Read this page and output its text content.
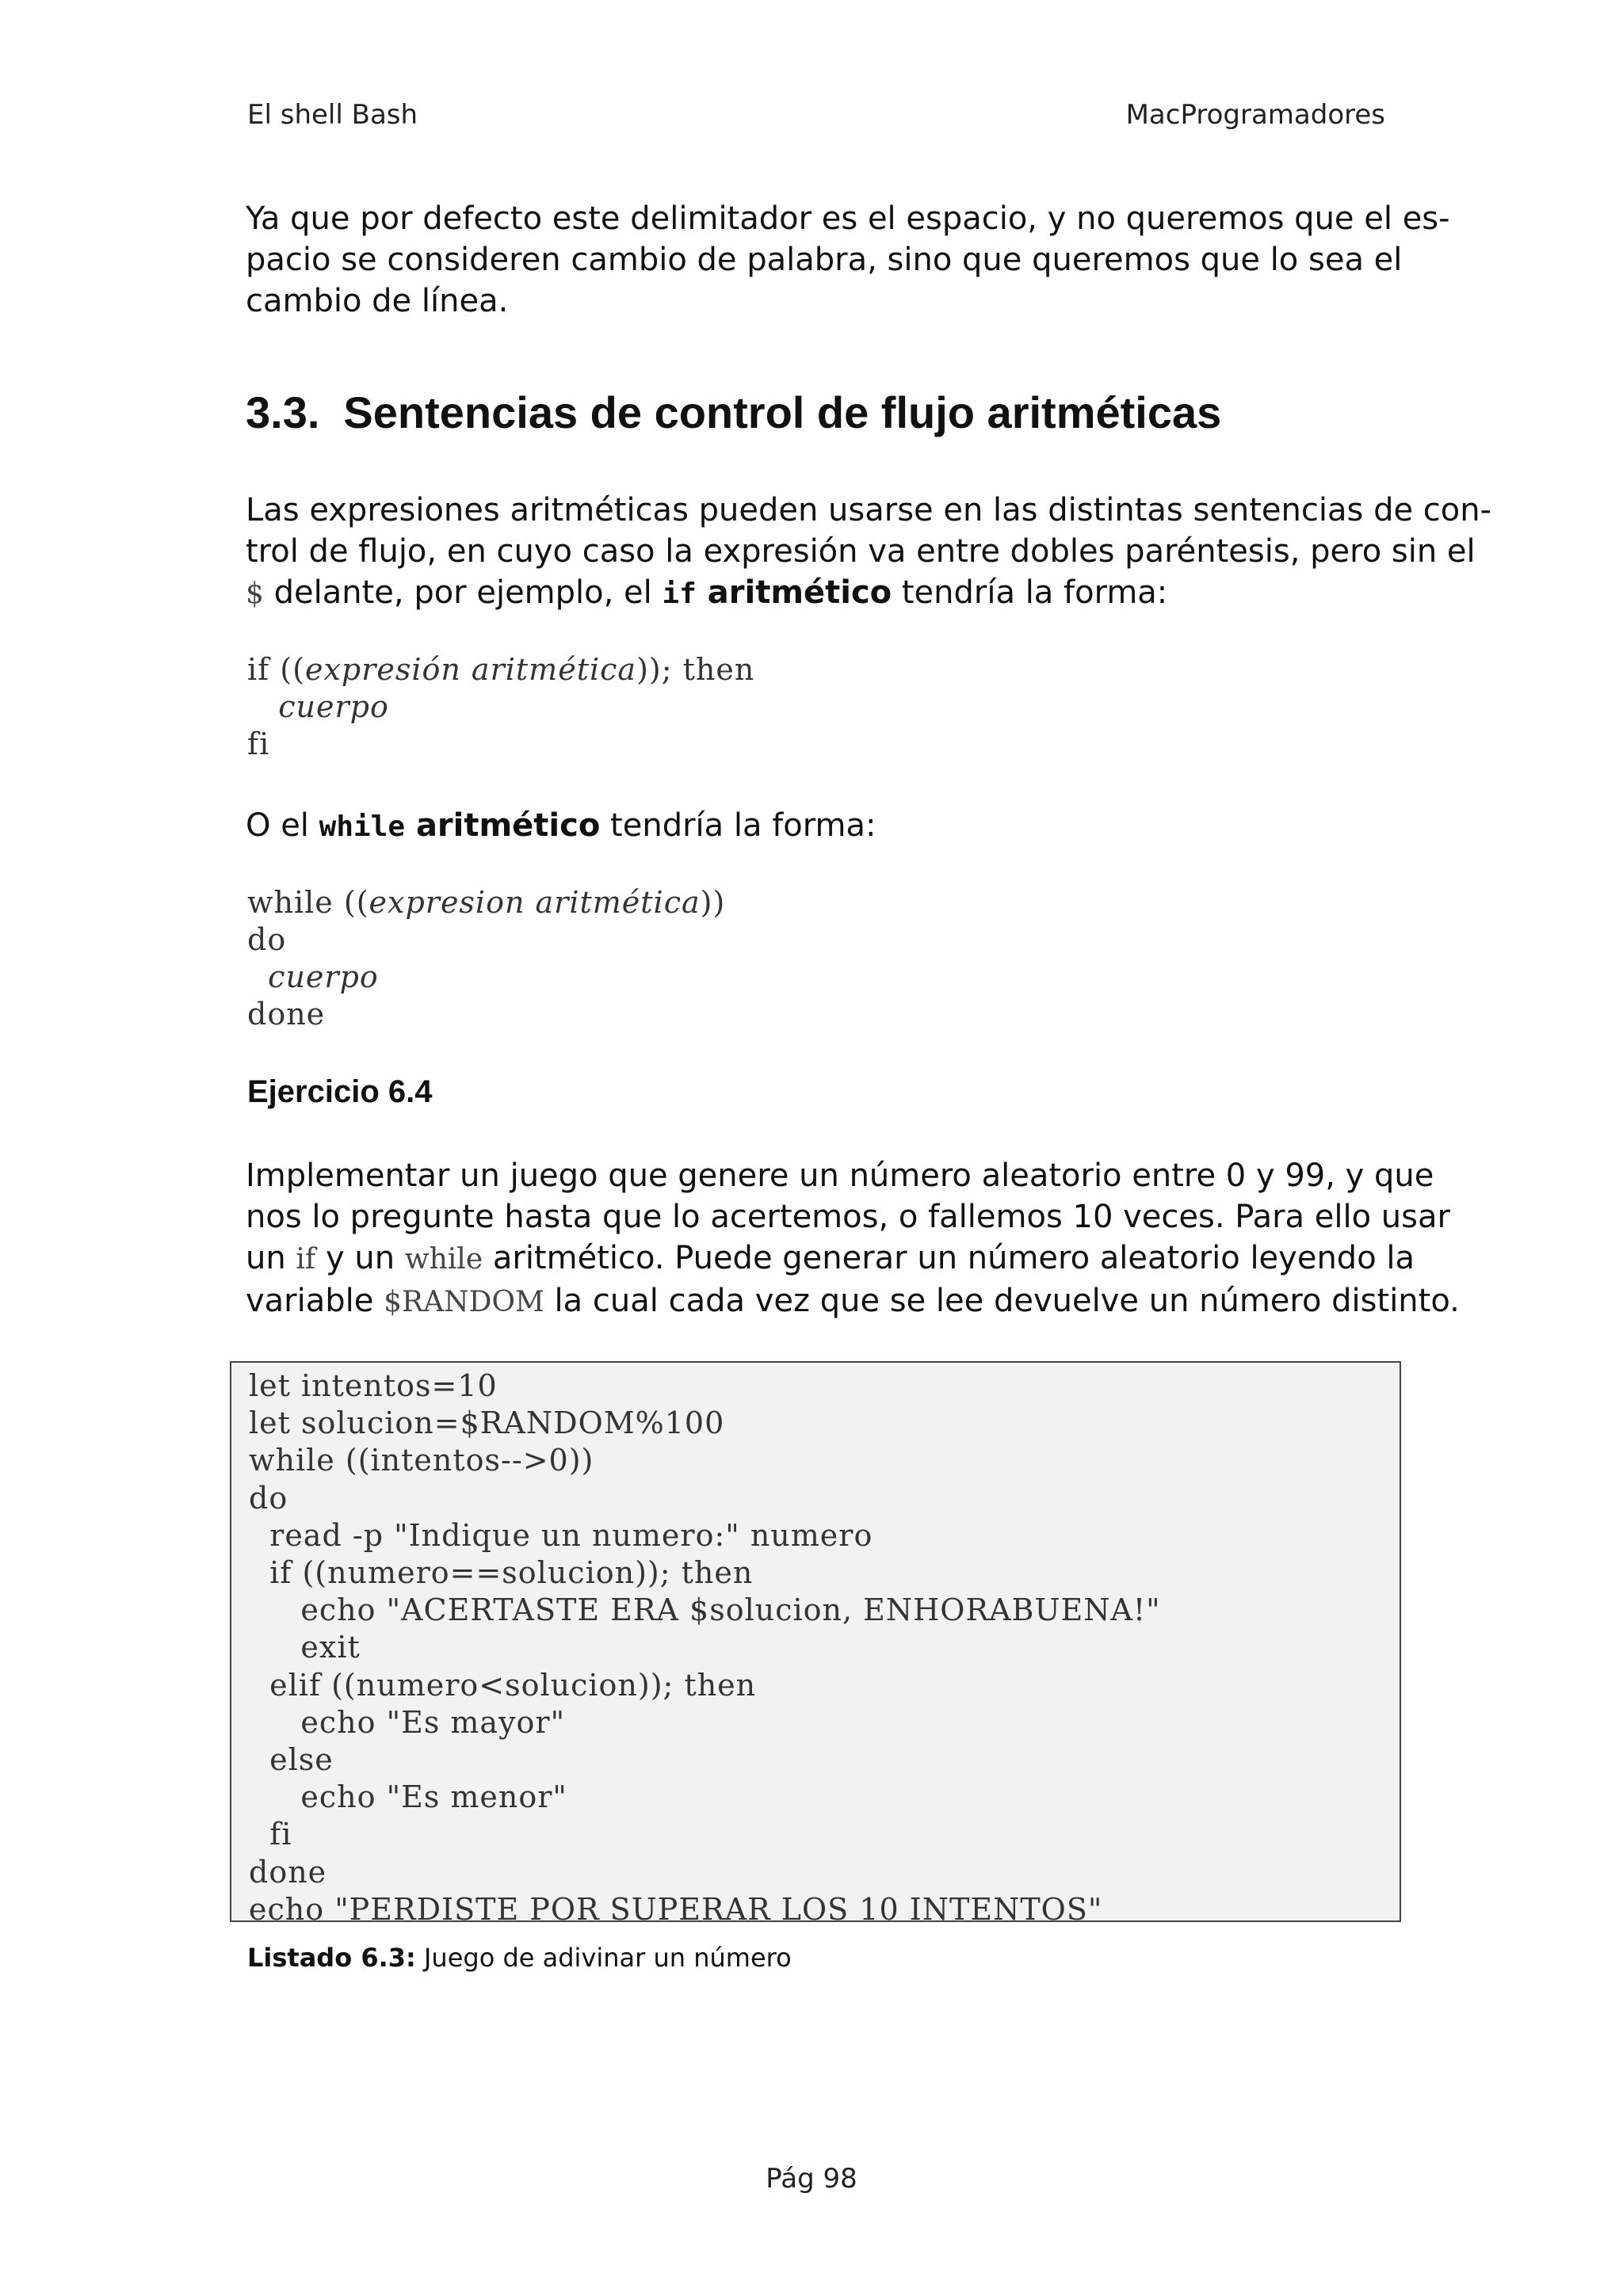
El shell Bash	MacProgramadores
Ya que por defecto este delimitador es el espacio, y no queremos que el es-
pacio se consideren cambio de palabra, sino que queremos que lo sea el
cambio de línea.
3.3. Sentencias de control de flujo aritméticas
Las expresiones aritméticas pueden usarse en las distintas sentencias de con-
trol de flujo, en cuyo caso la expresión va entre dobles paréntesis, pero sin el
$ delante, por ejemplo, el if aritmético tendría la forma:
if ((expresión aritmética)); then
cuerpo
fi
O el while aritmético tendría la forma:
while ((expresion aritmética))
do
cuerpo
done
Ejercicio 6.4
Implementar un juego que genere un número aleatorio entre 0 y 99, y que
nos lo pregunte hasta que lo acertemos, o fallemos 10 veces. Para ello usar
un if y un while aritmético. Puede generar un número aleatorio leyendo la
variable $RANDOM la cual cada vez que se lee devuelve un número distinto.
let intentos=10
let solucion=$RANDOM%100
while ((intentos-->0))
do
read -p "Indique un numero:" numero
if ((numero==solucion)); then
echo "ACERTASTE ERA $solucion, ENHORABUENA!"
exit
elif ((numero<solucion)); then
echo "Es mayor"
else
echo "Es menor"
fi
done
echo "PERDISTE POR SUPERAR LOS 10 INTENTOS"
Listado 6.3: Juego de adivinar un número
Pág 98
